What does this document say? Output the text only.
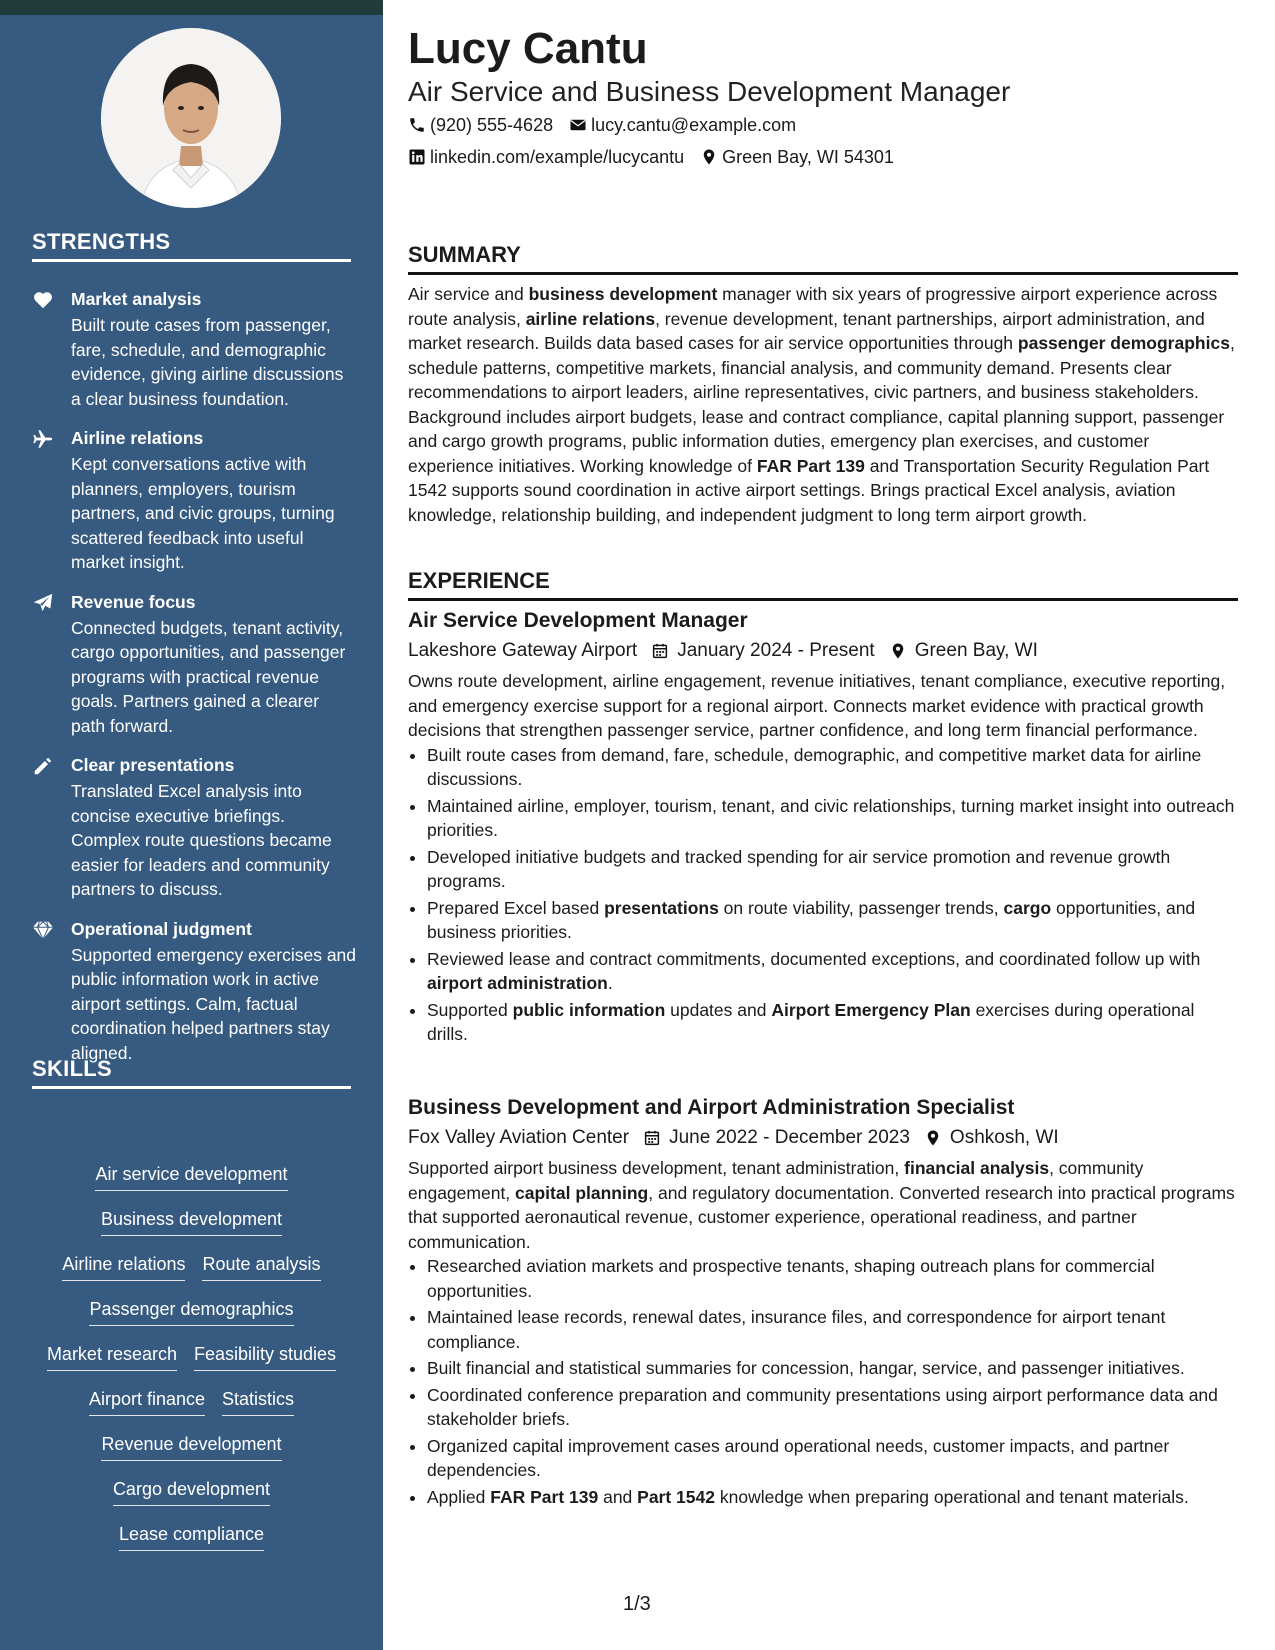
STRENGTHS
Market analysis
Built route cases from passenger, fare, schedule, and demographic evidence, giving airline discussions a clear business foundation.
Airline relations
Kept conversations active with planners, employers, tourism partners, and civic groups, turning scattered feedback into useful market insight.
Revenue focus
Connected budgets, tenant activity, cargo opportunities, and passenger programs with practical revenue goals. Partners gained a clearer path forward.
Clear presentations
Translated Excel analysis into concise executive briefings. Complex route questions became easier for leaders and community partners to discuss.
Operational judgment
Supported emergency exercises and public information work in active airport settings. Calm, factual coordination helped partners stay aligned.
SKILLS
Air service development
Business development
Airline relations Route analysis
Passenger demographics
Market research Feasibility studies
Airport finance Statistics
Revenue development
Cargo development
Lease compliance
Lucy Cantu
Air Service and Business Development Manager
(920) 555-4628 lucy.cantu@example.com
linkedin.com/example/lucycantu Green Bay, WI 54301
SUMMARY

Air service and business development manager with six years of progressive airport experience across route analysis, airline relations, revenue development, tenant partnerships, airport administration, and market research. Builds data based cases for air service opportunities through passenger demographics, schedule patterns, competitive markets, financial analysis, and community demand. Presents clear recommendations to airport leaders, airline representatives, civic partners, and business stakeholders. Background includes airport budgets, lease and contract compliance, capital planning support, passenger and cargo growth programs, public information duties, emergency plan exercises, and customer experience initiatives. Working knowledge of FAR Part 139 and Transportation Security Regulation Part 1542 supports sound coordination in active airport settings. Brings practical Excel analysis, aviation knowledge, relationship building, and independent judgment to long term airport growth.

EXPERIENCE
Air Service Development Manager
Lakeshore Gateway Airport January 2024 - Present Green Bay, WI

Owns route development, airline engagement, revenue initiatives, tenant compliance, executive reporting, and emergency exercise support for a regional airport. Connects market evidence with practical growth decisions that strengthen passenger service, partner confidence, and long term financial performance.

• Built route cases from demand, fare, schedule, demographic, and competitive market data for airline discussions.
• Maintained airline, employer, tourism, tenant, and civic relationships, turning market insight into outreach priorities.
• Developed initiative budgets and tracked spending for air service promotion and revenue growth programs.
• Prepared Excel based presentations on route viability, passenger trends, cargo opportunities, and business priorities.
• Reviewed lease and contract commitments, documented exceptions, and coordinated follow up with airport administration.
• Supported public information updates and Airport Emergency Plan exercises during operational drills.
Business Development and Airport Administration Specialist
Fox Valley Aviation Center June 2022 - December 2023 Oshkosh, WI

Supported airport business development, tenant administration, financial analysis, community engagement, capital planning, and regulatory documentation. Converted research into practical programs that supported aeronautical revenue, customer experience, operational readiness, and partner communication.

• Researched aviation markets and prospective tenants, shaping outreach plans for commercial opportunities.
• Maintained lease records, renewal dates, insurance files, and correspondence for airport tenant compliance.
• Built financial and statistical summaries for concession, hangar, service, and passenger initiatives.
• Coordinated conference preparation and community presentations using airport performance data and stakeholder briefs.
• Organized capital improvement cases around operational needs, customer impacts, and partner dependencies.
• Applied FAR Part 139 and Part 1542 knowledge when preparing operational and tenant materials.
1/3
